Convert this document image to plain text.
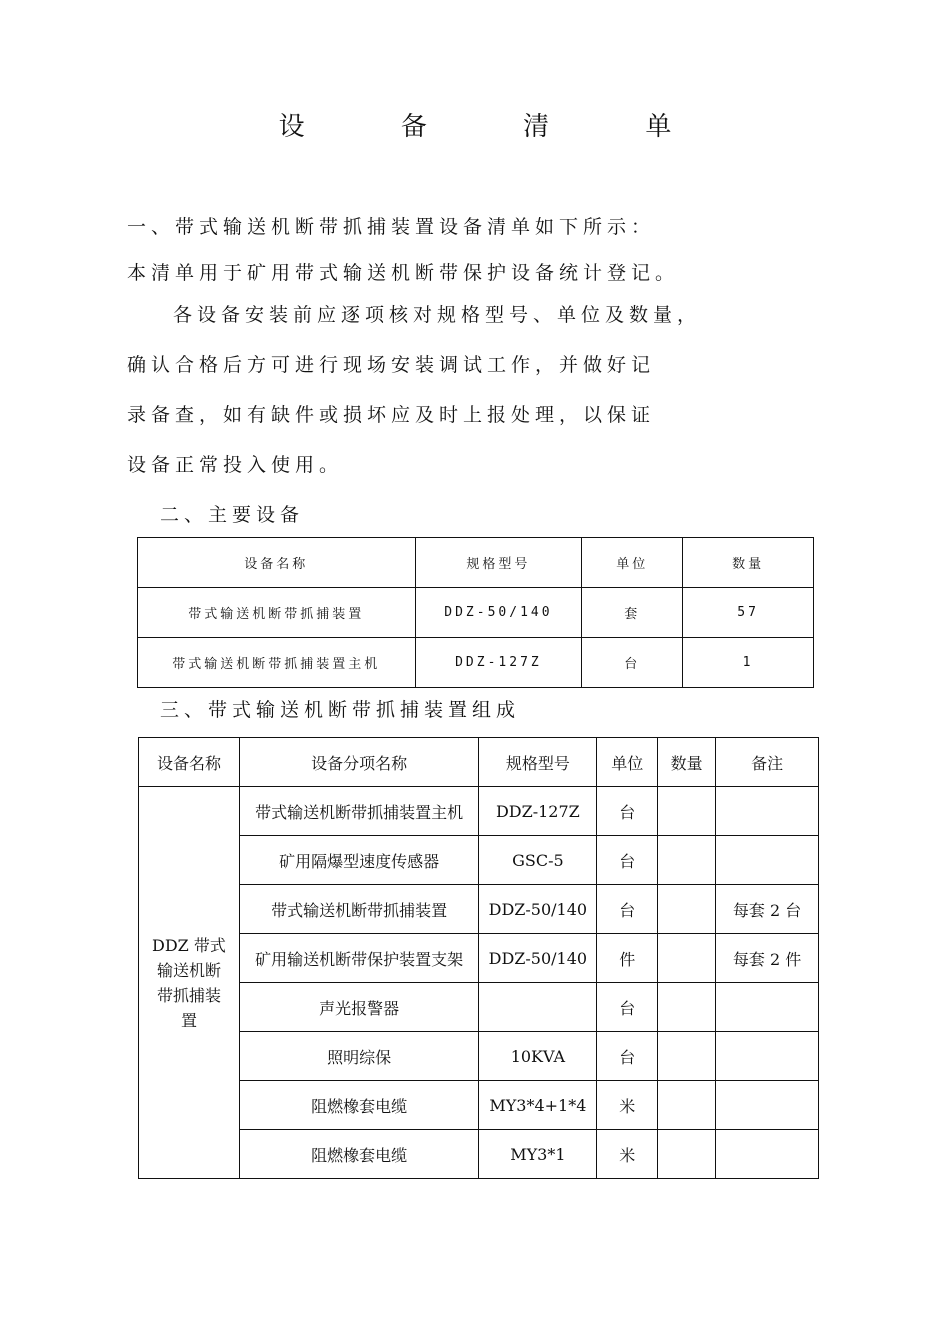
设 备 清 单
一、带式输送机断带抓捕装置设备清单如下所示：
本清单用于矿用带式输送机断带保护设备统计登记。
各设备安装前应逐项核对规格型号、单位及数量，
确认合格后方可进行现场安装调试工作，并做好记
录备查，如有缺件或损坏应及时上报处理，以保证
设备正常投入使用。
二、主要设备
设备名称	规格型号	单位	数量
带式输送机断带抓捕装置	DDZ-50/140	套	57
带式输送机断带抓捕装置主机	DDZ-127Z	台	1
三、带式输送机断带抓捕装置组成
设备名称	设备分项名称	规格型号	单位	数量	备注
DDZ 带式输送机断带抓捕装置	带式输送机断带抓捕装置主机	DDZ-127Z	台		
	矿用隔爆型速度传感器	GSC-5	台		
	带式输送机断带抓捕装置	DDZ-50/140	台		每套 2 台
	矿用输送机断带保护装置支架	DDZ-50/140	件		每套 2 件
	声光报警器		台		
	照明综保	10KVA	台		
	阻燃橡套电缆	MY3*4+1*4	米		
	阻燃橡套电缆	MY3*1	米		
